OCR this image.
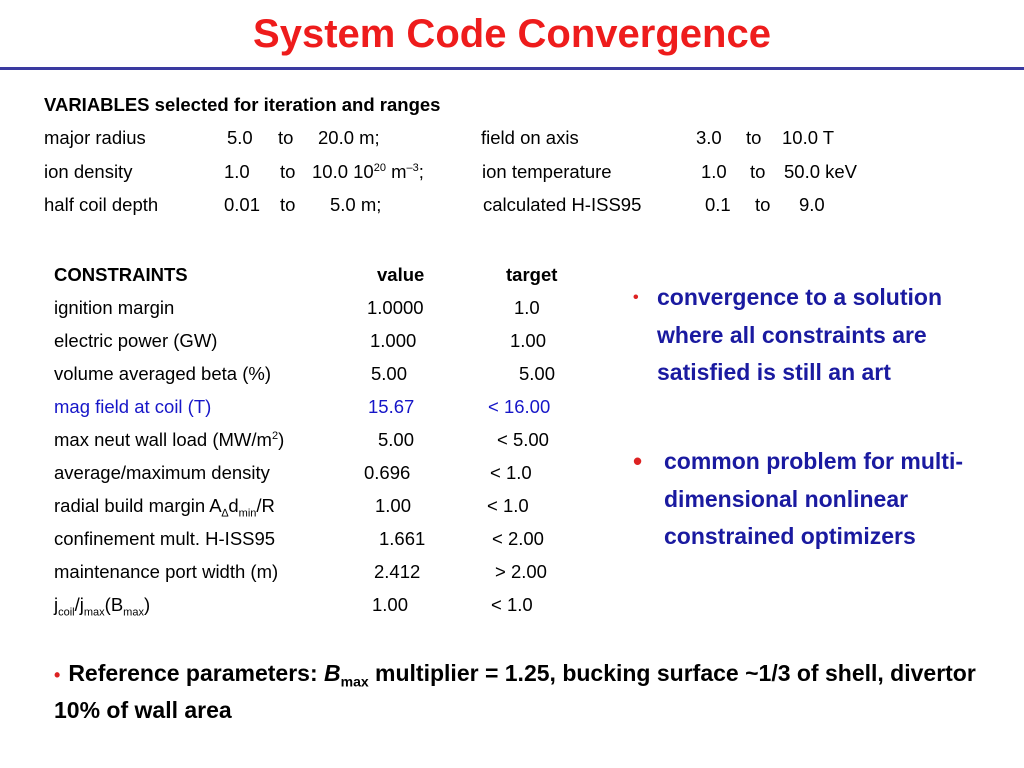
System Code Convergence
VARIABLES selected for iteration and ranges
major radius	5.0 to 20.0 m;	field on axis	3.0 to 10.0 T
ion density	1.0 to 10.0 $10^{20}$ $m^{-3}$;	ion temperature	1.0 to 50.0 keV
half coil depth	0.01 to 5.0 m;	calculated H-ISS95	0.1 to 9.0
CONSTRAINTS	value	target
ignition margin	1.0000	1.0
electric power (GW)	1.000	1.00
volume averaged beta (%)	5.00	5.00
mag field at coil (T)	15.67	< 16.00
max neut wall load $(MW/m^2)$	5.00	< 5.00
average/maximum density	0.696	< 1.0
radial build margin $A_\Delta d_{min}/R$	1.00	< 1.0
confinement mult. H-ISS95	1.661	< 2.00
maintenance port width (m)	2.412	> 2.00
$j_{coil}/j_{max}(B_{max})$	1.00	< 1.0
• convergence to a solution where all constraints are satisfied is still an art
• common problem for multi-dimensional nonlinear constrained optimizers
• Reference parameters: $B_{max}$ multiplier = 1.25, bucking surface ~1/3 of shell, divertor 10% of wall area
